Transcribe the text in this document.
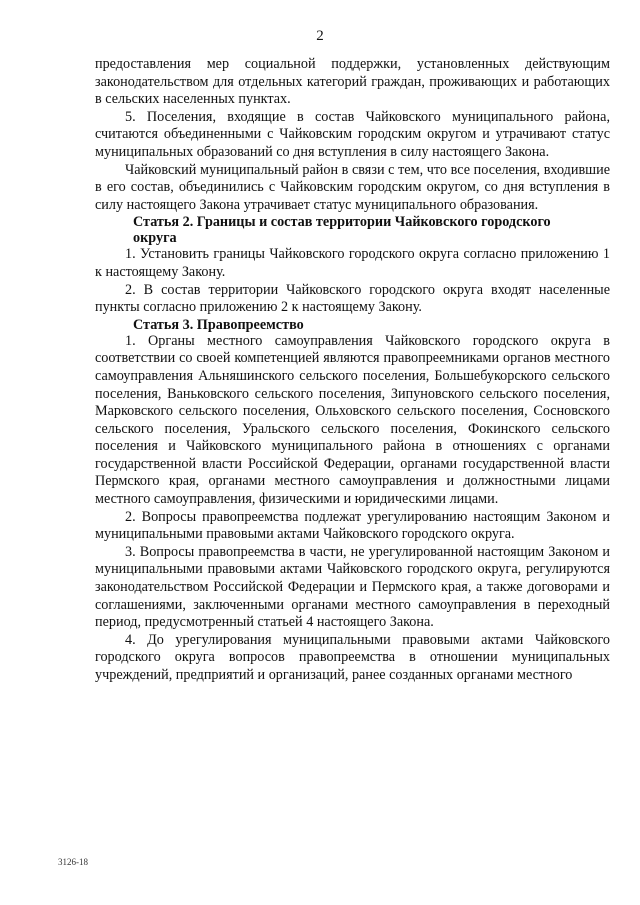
2

предоставления мер социальной поддержки, установленных действующим законодательством для отдельных категорий граждан, проживающих и работающих в сельских населенных пунктах.

5. Поселения, входящие в состав Чайковского муниципального района, считаются объединенными с Чайковским городским округом и утрачивают статус муниципальных образований со дня вступления в силу настоящего Закона.

Чайковский муниципальный район в связи с тем, что все поселения, входившие в его состав, объединились с Чайковским городским округом, со дня вступления в силу настоящего Закона утрачивает статус муниципального образования.

Статья 2. Границы и состав территории Чайковского городского округа

1. Установить границы Чайковского городского округа согласно приложению 1 к настоящему Закону.

2. В состав территории Чайковского городского округа входят населенные пункты согласно приложению 2 к настоящему Закону.

Статья 3. Правопреемство

1. Органы местного самоуправления Чайковского городского округа в соответствии со своей компетенцией являются правопреемниками органов местного самоуправления Альняшинского сельского поселения, Большебукорского сельского поселения, Ваньковского сельского поселения, Зипуновского сельского поселения, Марковского сельского поселения, Ольховского сельского поселения, Сосновского сельского поселения, Уральского сельского поселения, Фокинского сельского поселения и Чайковского муниципального района в отношениях с органами государственной власти Российской Федерации, органами государственной власти Пермского края, органами местного самоуправления и должностными лицами местного самоуправления, физическими и юридическими лицами.

2. Вопросы правопреемства подлежат урегулированию настоящим Законом и муниципальными правовыми актами Чайковского городского округа.

3. Вопросы правопреемства в части, не урегулированной настоящим Законом и муниципальными правовыми актами Чайковского городского округа, регулируются законодательством Российской Федерации и Пермского края, а также договорами и соглашениями, заключенными органами местного самоуправления в переходный период, предусмотренный статьей 4 настоящего Закона.

4. До урегулирования муниципальными правовыми актами Чайковского городского округа вопросов правопреемства в отношении муниципальных учреждений, предприятий и организаций, ранее созданных органами местного

3126-18
